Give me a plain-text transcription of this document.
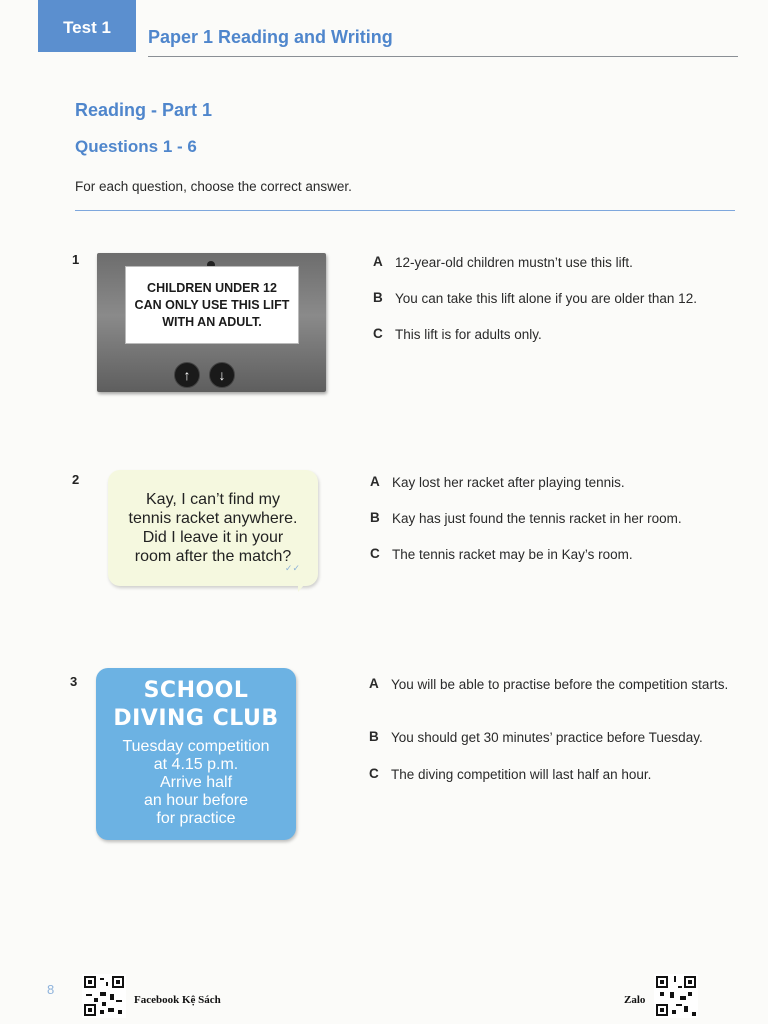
Test 1 Paper 1 Reading and Writing
Reading - Part 1
Questions 1 - 6
For each question, choose the correct answer.
1
CHILDREN UNDER 12
CAN ONLY USE THIS LIFT
WITH AN ADULT.
↑	↓
A 12-year-old children mustn’t use this lift.
B You can take this lift alone if you are older than 12.
C This lift is for adults only.
2
Kay, I can’t find my
tennis racket anywhere.
Did I leave it in your
room after the match?
✓✓
A Kay lost her racket after playing tennis.
B Kay has just found the tennis racket in her room.
C The tennis racket may be in Kay’s room.
3	SCHOOL
DIVING CLUB
Tuesday competition
at 4.15 p.m.
Arrive half
an hour before
for practice
A You will be able to practise before the competition starts.
B You should get 30 minutes’ practice before Tuesday.
C The diving competition will last half an hour.
8
Facebook Kệ Sách	Zalo
